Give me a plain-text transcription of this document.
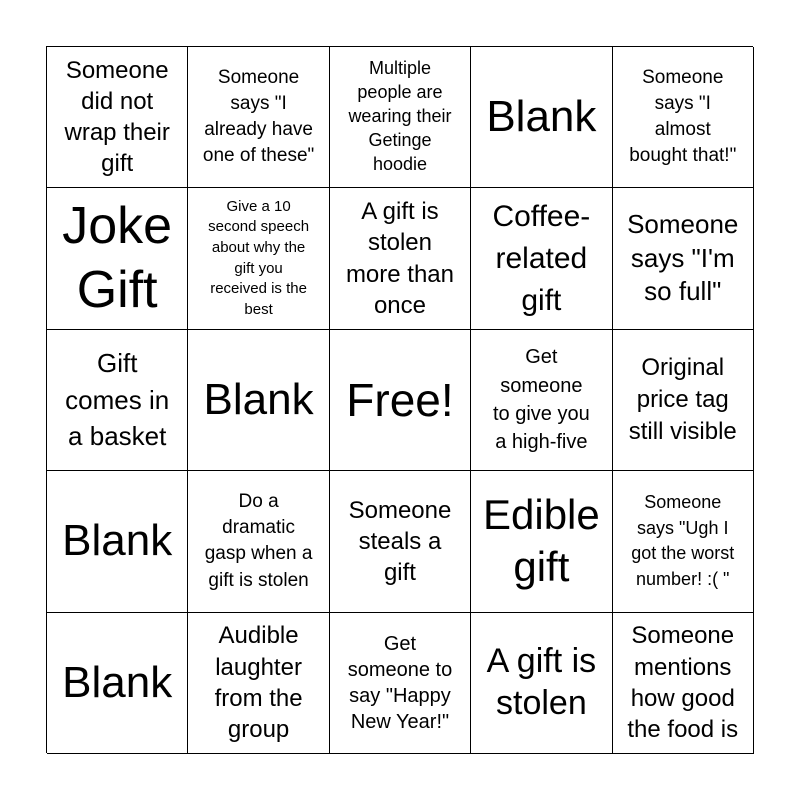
Someone
did not
wrap their
gift
Someone
says "I
already have
one of these"
Multiple
people are
wearing their
Getinge
hoodie
Blank
Someone
says "I
almost
bought that!"
Joke
Gift
Give a 10
second speech
about why the
gift you
received is the
best
A gift is
stolen
more than
once
Coffee-
related
gift
Someone
says "I'm
so full"
Gift
comes in
a basket
Blank Free!
Get
someone
to give you
a high-five
Original
price tag
still visible
Blank
Do a
dramatic
gasp when a
gift is stolen
Someone
steals a
gift
Edible
gift
Someone
says "Ugh I
got the worst
number! :( "
Blank
Audible
laughter
from the
group
Get
someone to
say "Happy
New Year!"
A gift is
stolen
Someone
mentions
how good
the food is
